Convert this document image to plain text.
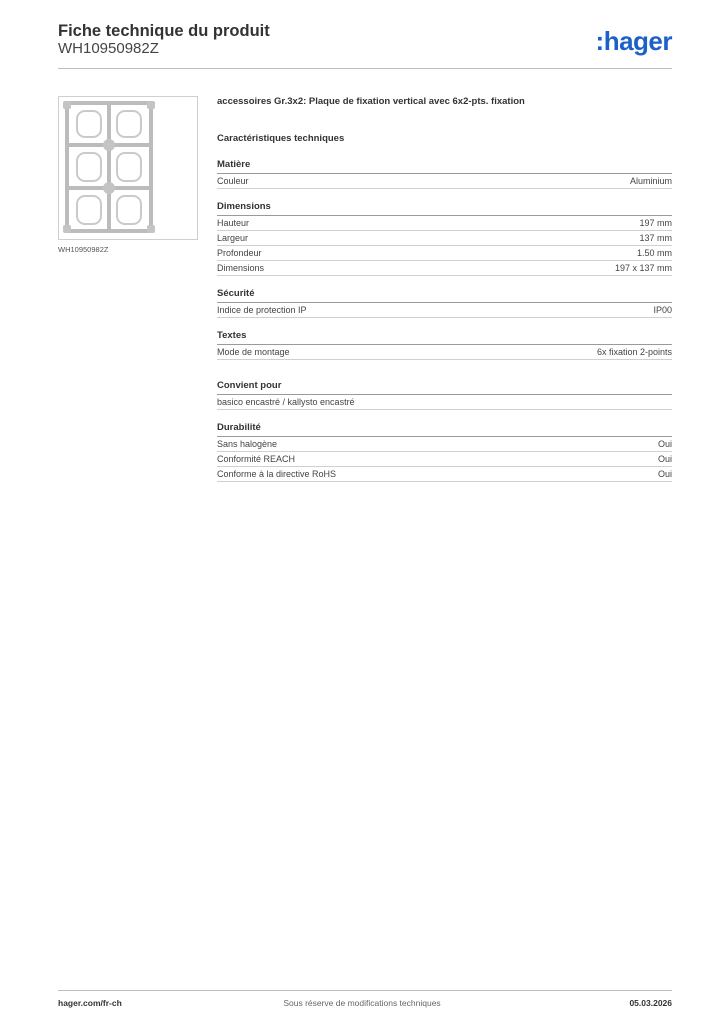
Fiche technique du produit
WH10950982Z	:hager
WH10950982Z
accessoires Gr.3x2: Plaque de fixation vertical avec 6x2-pts. fixation
Caractéristiques techniques
Matière
Couleur	Aluminium
Dimensions
Hauteur	197 mm
Largeur	137 mm
Profondeur	1.50 mm
Dimensions	197 x 137 mm
Sécurité
Indice de protection IP	IP00
Textes
Mode de montage	6x fixation 2-points
Convient pour
basico encastré / kallysto encastré
Durabilité
Sans halogène	Oui
Conformité REACH	Oui
Conforme à la directive RoHS	Oui
hager.com/fr-ch	Sous réserve de modifications techniques	05.03.2026
